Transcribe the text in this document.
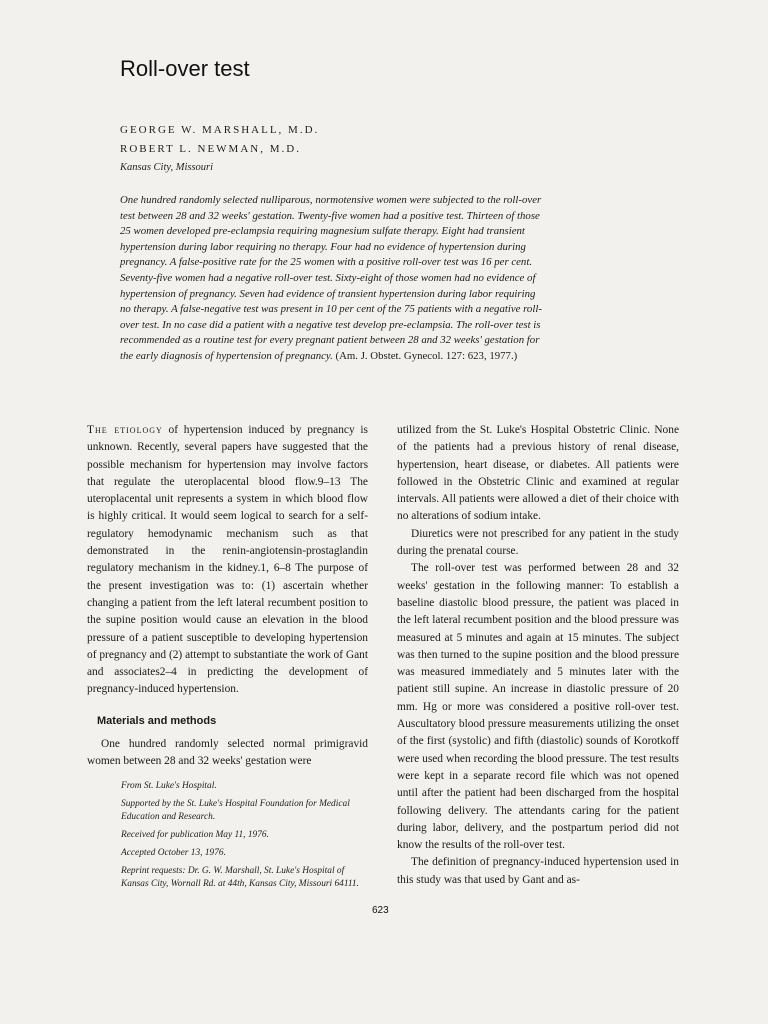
Roll-over test
GEORGE W. MARSHALL, M.D.
ROBERT L. NEWMAN, M.D.
Kansas City, Missouri

One hundred randomly selected nulliparous, normotensive women were subjected to the roll-over test between 28 and 32 weeks' gestation. Twenty-five women had a positive test. Thirteen of those 25 women developed pre-eclampsia requiring magnesium sulfate therapy. Eight had transient hypertension during labor requiring no therapy. Four had no evidence of hypertension during pregnancy. A false-positive rate for the 25 women with a positive roll-over test was 16 per cent. Seventy-five women had a negative roll-over test. Sixty-eight of those women had no evidence of hypertension of pregnancy. Seven had evidence of transient hypertension during labor requiring no therapy. A false-negative test was present in 10 per cent of the 75 patients with a negative roll-over test. In no case did a patient with a negative test develop pre-eclampsia. The roll-over test is recommended as a routine test for every pregnant patient between 28 and 32 weeks' gestation for the early diagnosis of hypertension of pregnancy. (Am. J. Obstet. Gynecol. 127: 623, 1977.)

The etiology of hypertension induced by pregnancy is unknown. Recently, several papers have suggested that the possible mechanism for hypertension may involve factors that regulate the uteroplacental blood flow.9–13 The uteroplacental unit represents a system in which blood flow is highly critical. It would seem logical to search for a self-regulatory hemodynamic mechanism such as that demonstrated in the renin-angiotensin-prostaglandin regulatory mechanism in the kidney.1, 6–8 The purpose of the present investigation was to: (1) ascertain whether changing a patient from the left lateral recumbent position to the supine position would cause an elevation in the blood pressure of a patient susceptible to developing hypertension of pregnancy and (2) attempt to substantiate the work of Gant and associates2–4 in predicting the development of pregnancy-induced hypertension.

Materials and methods

One hundred randomly selected normal primigravid women between 28 and 32 weeks' gestation were

From St. Luke's Hospital.

Supported by the St. Luke's Hospital Foundation for Medical Education and Research.

Received for publication May 11, 1976.

Accepted October 13, 1976.

Reprint requests: Dr. G. W. Marshall, St. Luke's Hospital of Kansas City, Wornall Rd. at 44th, Kansas City, Missouri 64111.

utilized from the St. Luke's Hospital Obstetric Clinic. None of the patients had a previous history of renal disease, hypertension, heart disease, or diabetes. All patients were followed in the Obstetric Clinic and examined at regular intervals. All patients were allowed a diet of their choice with no alterations of sodium intake.

Diuretics were not prescribed for any patient in the study during the prenatal course.

The roll-over test was performed between 28 and 32 weeks' gestation in the following manner: To establish a baseline diastolic blood pressure, the patient was placed in the left lateral recumbent position and the blood pressure was measured at 5 minutes and again at 15 minutes. The subject was then turned to the supine position and the blood pressure was measured immediately and 5 minutes later with the patient still supine. An increase in diastolic pressure of 20 mm. Hg or more was considered a positive roll-over test. Auscultatory blood pressure measurements utilizing the onset of the first (systolic) and fifth (diastolic) sounds of Korotkoff were used when recording the blood pressure. The test results were kept in a separate record file which was not opened until after the patient had been discharged from the hospital following delivery. The attendants caring for the patient during labor, delivery, and the postpartum period did not know the results of the roll-over test.

The definition of pregnancy-induced hypertension used in this study was that used by Gant and as-

623
